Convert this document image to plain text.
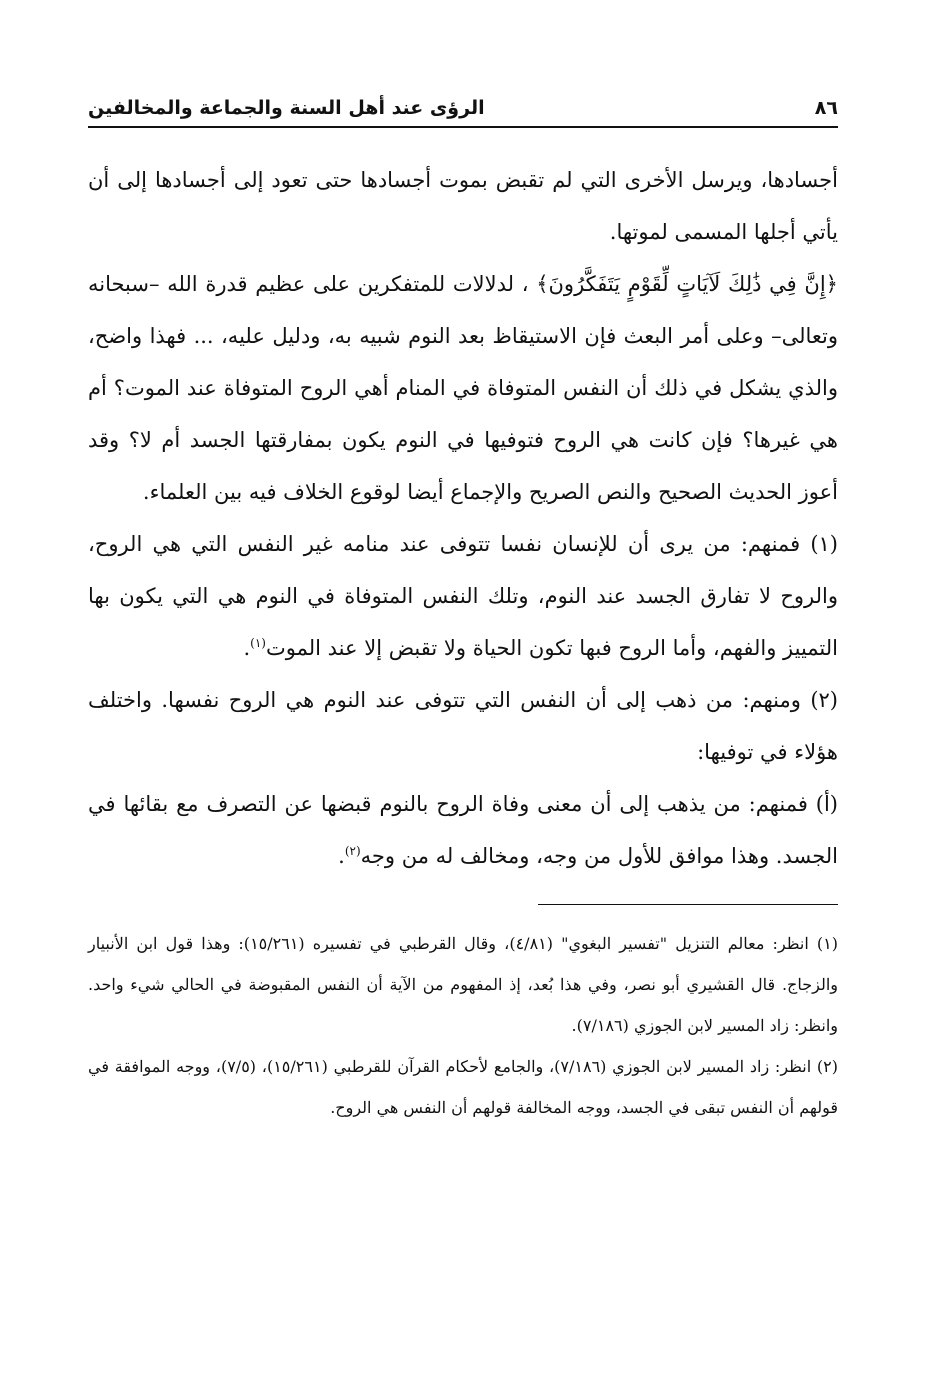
٨٦
الرؤى عند أهل السنة والجماعة والمخالفين

أجسادها، ويرسل الأخرى التي لم تقبض بموت أجسادها حتى تعود إلى أجسادها إلى أن يأتي أجلها المسمى لموتها.

﴿إِنَّ فِي ذَٰلِكَ لَآيَاتٍ لِّقَوْمٍ يَتَفَكَّرُونَ﴾ ، لدلالات للمتفكرين على عظيم قدرة الله –سبحانه وتعالى– وعلى أمر البعث فإن الاستيقاظ بعد النوم شبيه به، ودليل عليه، ... فهذا واضح، والذي يشكل في ذلك أن النفس المتوفاة في المنام أهي الروح المتوفاة عند الموت؟ أم هي غيرها؟ فإن كانت هي الروح فتوفيها في النوم يكون بمفارقتها الجسد أم لا؟ وقد أعوز الحديث الصحيح والنص الصريح والإجماع أيضا لوقوع الخلاف فيه بين العلماء.

(١) فمنهم: من يرى أن للإنسان نفسا تتوفى عند منامه غير النفس التي هي الروح، والروح لا تفارق الجسد عند النوم، وتلك النفس المتوفاة في النوم هي التي يكون بها التمييز والفهم، وأما الروح فبها تكون الحياة ولا تقبض إلا عند الموت$^{(١)}$.

(٢) ومنهم: من ذهب إلى أن النفس التي تتوفى عند النوم هي الروح نفسها. واختلف هؤلاء في توفيها:

(أ) فمنهم: من يذهب إلى أن معنى وفاة الروح بالنوم قبضها عن التصرف مع بقائها في الجسد. وهذا موافق للأول من وجه، ومخالف له من وجه$^{(٢)}$.

(١) انظر: معالم التنزيل "تفسير البغوي" (٤/٨١)، وقال القرطبي في تفسيره (١٥/٢٦١): وهذا قول ابن الأنبيار والزجاج. قال القشيري أبو نصر، وفي هذا بُعد، إذ المفهوم من الآية أن النفس المقبوضة في الحالي شيء واحد. وانظر: زاد المسير لابن الجوزي (٧/١٨٦).

(٢) انظر: زاد المسير لابن الجوزي (٧/١٨٦)، والجامع لأحكام القرآن للقرطبي (١٥/٢٦١)، (٧/٥)، ووجه الموافقة في قولهم أن النفس تبقى في الجسد، ووجه المخالفة قولهم أن النفس هي الروح.
